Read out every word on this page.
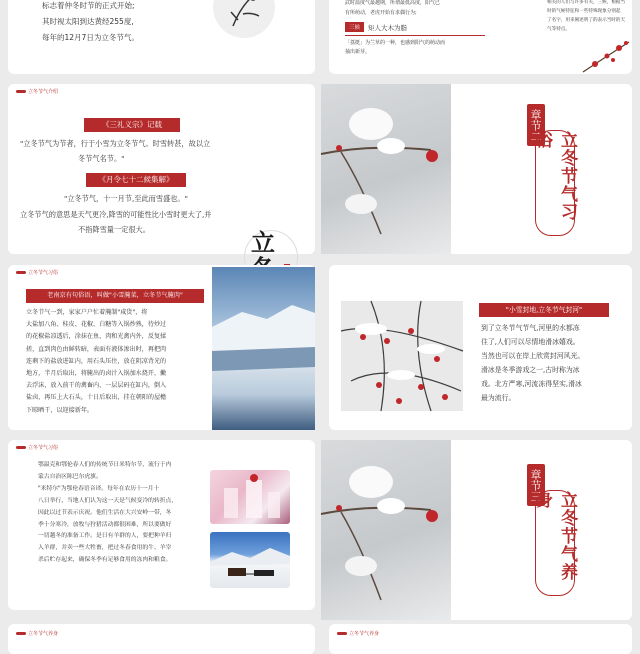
标志着仲冬时节的正式开始;
其时视太阳到达黄经255度,
每年的12月7日为立冬节气。
武时温度气最越期，所谓最低高度，阳气已
有所萌动，老虎开始有求偶行为;
三候	矩人大木为脂
「荔挺」为兰草的一种，也感到阳气的萌动而
抽出新芽。
相关的人们与许多有关，三候，根据当
时的气候特征和一些特殊现象分别起
了名字，用来阐述明了的表示当时的天
气等特点。
立冬节气介绍
《三礼义宗》记载
"立冬节气为节者，行于小雪为立冬节气。时雪转甚，故以立
冬节气名节。"
《月令七十二候集解》
"立冬节气，十一月节,至此而雪盛也。"
立冬节气的意思是天气更冷,降雪的可能性比小雪时更大了,并
不指降雪量一定很大。	立
章节二
立冬节气习俗
立冬节气习俗
老南京有句俗语，叫做"小雪腌菜，立冬节气腌肉"
立冬节气一到，家家户户忙着腌制"咸货"，将
大盐加八角、桂皮、花椒、白糖等入锅炒熟，待炒过
的花椒盐凉透后，涂抹在鱼、肉和光禽内外，反复揉
搓，直到肉色由鲜转暗，表面有液体渗出时，再把肉
连剩下的盐放进缸内，用石头压住，放在阴凉背光的
地方，半月后取出，将腌出的卤汁入锅加水烧开，撇
去浮沫，放入前干的禽畜内，一层层码在缸内，倒入
盐卤，再压上大石头，十日后取出，挂在朝阳的屋檐
下晾晒干，以迎接新年。
"小雪封地,立冬节气封河"
到了立冬节气节气,河里的水都冻
住了,人们可以尽情地滑冰嬉戏。
当然也可以在岸上欣赏封河风光。
滑冰是冬季游戏之一,古时称为冰
戏。北方严寒,河流冻得坚实,滑冰
最为流行。
立冬节气习俗
鄂温克和鄂伦春人们的传统节日米特尔节，流行于内
蒙古自治区陈巴尔虎旗。
"米特尔"为鄂伦春语音译。每年在农历十一月十
八日举行，当地人们认为这一天是气候变冷的转折点，
因此以过节表示庆祝。他们生活在大兴安岭一带，冬
季十分寒冷，放牧与狩猎活动都很困难，所以要做好
一切越冬的准备工作。是日有羊群的人，要把种羊归
入羊群，并卖一些大牲畜，把过冬春食用的牛、羊宰
杀后贮存起来，确保冬季有足够食用的冻肉和粮食。
章节三
立冬节气养身
立冬节气养身	立冬节气养身
